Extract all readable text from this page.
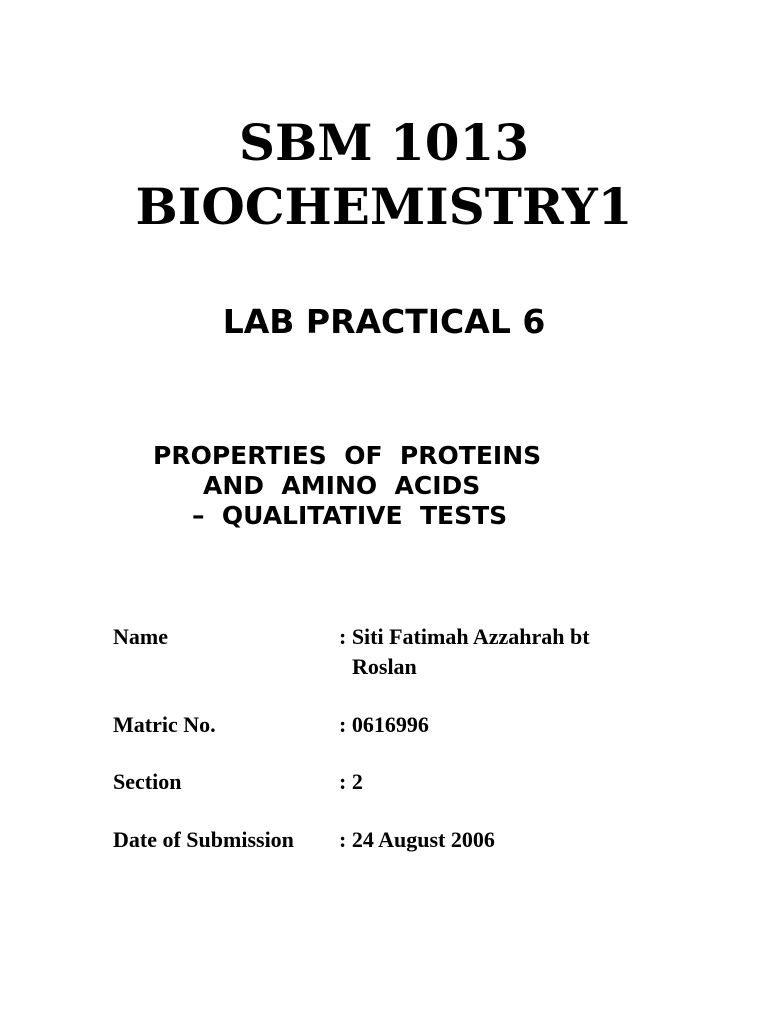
SBM 1013
BIOCHEMISTRY1
LAB PRACTICAL 6
PROPERTIES  OF  PROTEINS
AND  AMINO  ACIDS
–  QUALITATIVE  TESTS
Name	: Siti Fatimah Azzahrah bt
Roslan
Matric No.	: 0616996
Section	: 2
Date of Submission : 24 August 2006
